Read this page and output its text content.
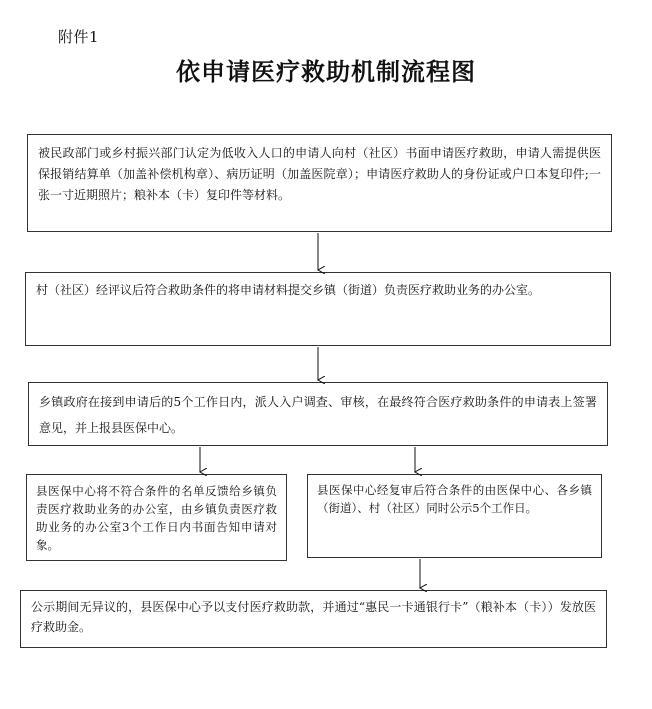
附件1
依申请医疗救助机制流程图
被民政部门或乡村振兴部门认定为低收入人口的申请人向村（社区）书面申请医疗救助，申请人需提供医保报销结算单（加盖补偿机构章）、病历证明（加盖医院章）；申请医疗救助人的身份证或户口本复印件;一张一寸近期照片；粮补本（卡）复印件等材料。
村（社区）经评议后符合救助条件的将申请材料提交乡镇（街道）负责医疗救助业务的办公室。
乡镇政府在接到申请后的5个工作日内，派人入户调查、审核，在最终符合医疗救助条件的申请表上签署意见，并上报县医保中心。
县医保中心将不符合条件的名单反馈给乡镇负责医疗救助业务的办公室，由乡镇负责医疗救助业务的办公室3个工作日内书面告知申请对象。
县医保中心经复审后符合条件的由医保中心、各乡镇（街道）、村（社区）同时公示5个工作日。
公示期间无异议的，县医保中心予以支付医疗救助款，并通过“惠民一卡通银行卡”（粮补本（卡））发放医疗救助金。
